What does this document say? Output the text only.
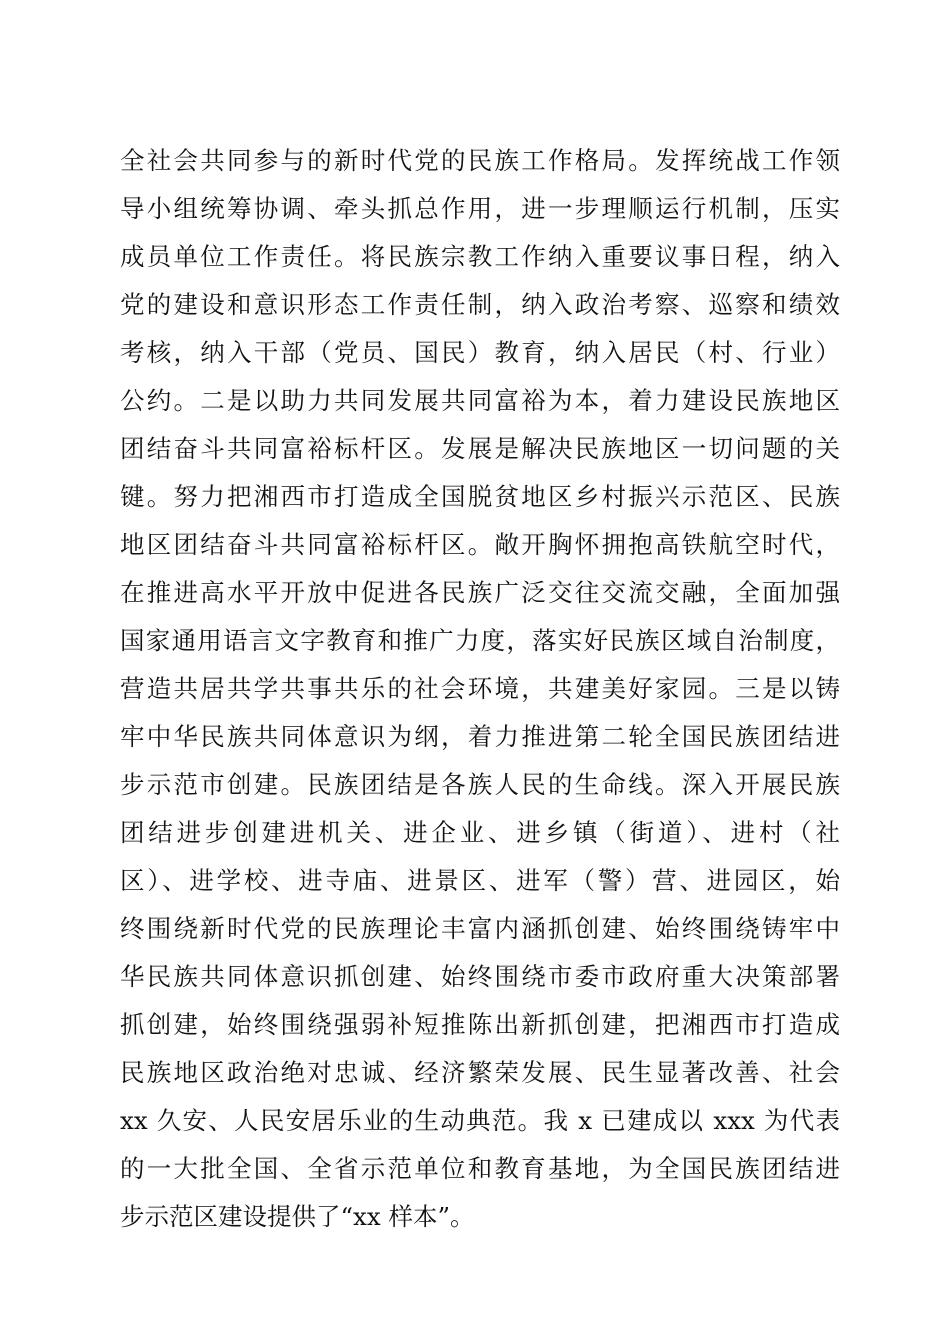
全社会共同参与的新时代党的民族工作格局。发挥统战工作领
导小组统筹协调、牵头抓总作用，进一步理顺运行机制，压实
成员单位工作责任。将民族宗教工作纳入重要议事日程，纳入
党的建设和意识形态工作责任制，纳入政治考察、巡察和绩效
考核，纳入干部（党员、国民）教育，纳入居民（村、行业）
公约。二是以助力共同发展共同富裕为本，着力建设民族地区
团结奋斗共同富裕标杆区。发展是解决民族地区一切问题的关
键。努力把湘西市打造成全国脱贫地区乡村振兴示范区、民族
地区团结奋斗共同富裕标杆区。敞开胸怀拥抱高铁航空时代，
在推进高水平开放中促进各民族广泛交往交流交融，全面加强
国家通用语言文字教育和推广力度，落实好民族区域自治制度，
营造共居共学共事共乐的社会环境，共建美好家园。三是以铸
牢中华民族共同体意识为纲，着力推进第二轮全国民族团结进
步示范市创建。民族团结是各族人民的生命线。深入开展民族
团结进步创建进机关、进企业、进乡镇（街道）、进村（社
区）、进学校、进寺庙、进景区、进军（警）营、进园区，始
终围绕新时代党的民族理论丰富内涵抓创建、始终围绕铸牢中
华民族共同体意识抓创建、始终围绕市委市政府重大决策部署
抓创建，始终围绕强弱补短推陈出新抓创建，把湘西市打造成
民族地区政治绝对忠诚、经济繁荣发展、民生显著改善、社会
xx 久安、人民安居乐业的生动典范。我 x 已建成以 xxx 为代表
的一大批全国、全省示范单位和教育基地，为全国民族团结进
步示范区建设提供了“xx 样本”。
